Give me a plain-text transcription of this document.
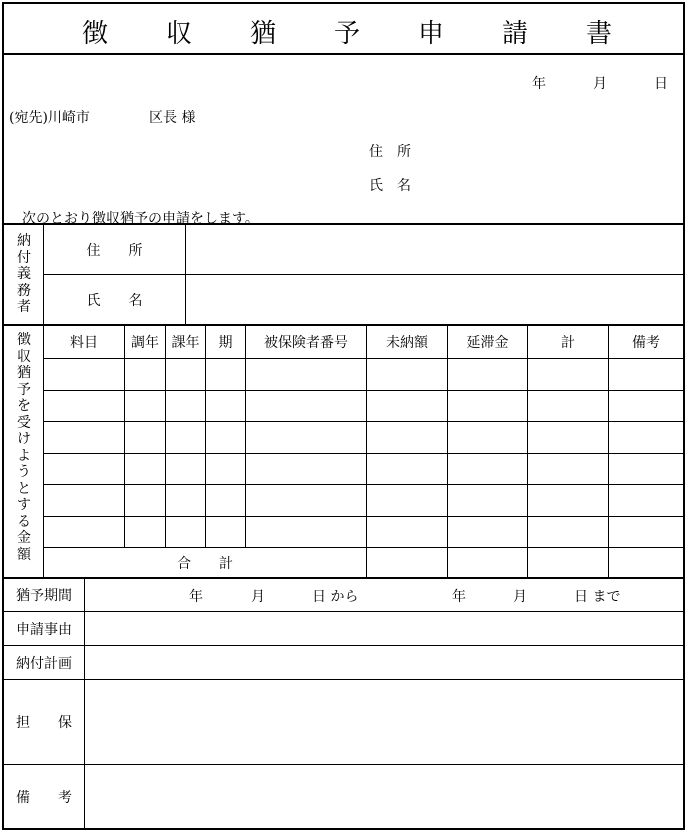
徴 収 猶 予 申 請 書
年	月	日
(宛先)川崎市	区長 様
住　所
氏　名
次のとおり徴収猶予の申請をします。
納付義務者
住　　所
氏　　名
徴収猶予を受けようとする金額
料目	調年 課年	期	被保険者番号	未納額	延滞金	計	備考
合　　計
猶予期間	年	月	日 から	年	月	日 まで
申請事由
納付計画
担　　保
備　　考
